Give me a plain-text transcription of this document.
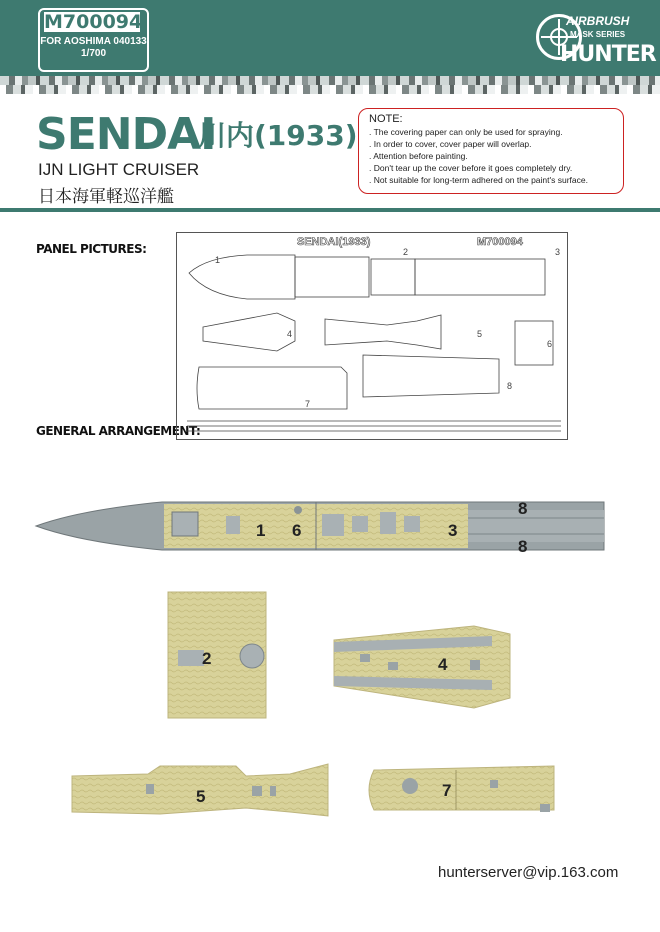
M700094
FOR AOSHIMA 040133
1/700
AIRBRUSH
MASK SERIES
HUNTER
SENDAI
川内(1933)
IJN LIGHT CRUISER
日本海軍軽巡洋艦
NOTE:
. The covering paper can only be used for spraying.
. In order to cover, cover paper will overlap.
. Attention before painting.
. Don't tear up the cover before it goes completely dry.
. Not suitable for long-term adhered on the paint's surface.
PANEL PICTURES:
GENERAL ARRANGEMENT:
SENDAI(1933)	M700094
1
2	3
4	5
6
7
8
1 6	3
8
8
2	4
5	7
hunterserver@vip.163.com
